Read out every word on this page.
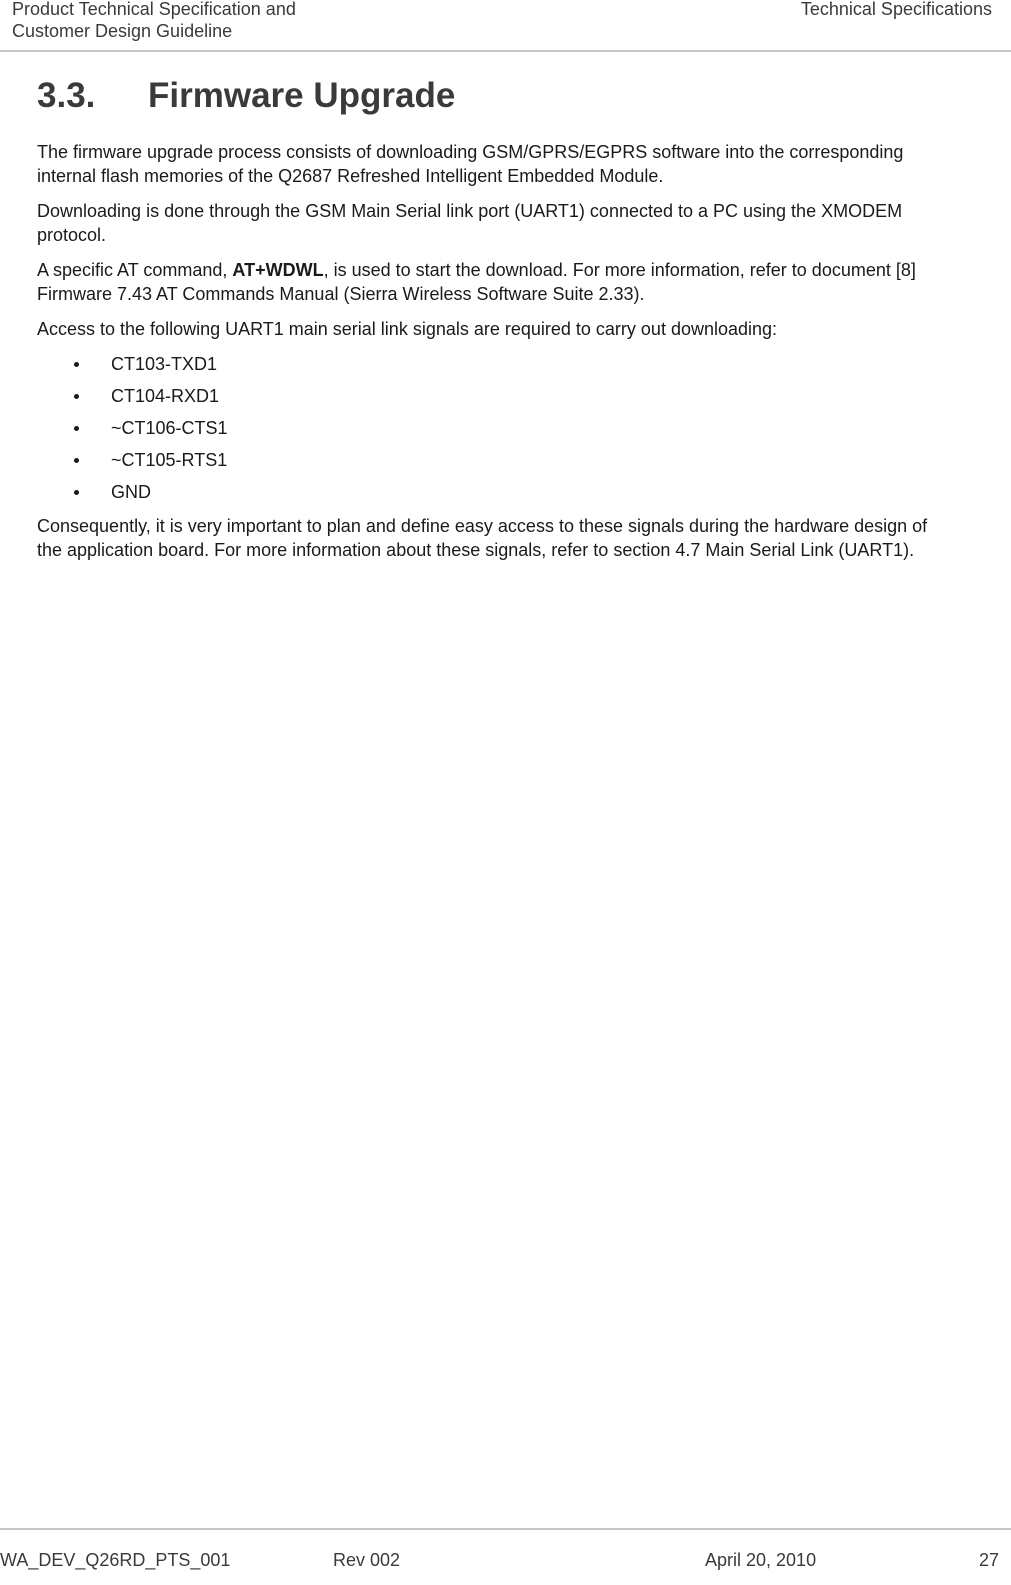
Product Technical Specification and
Customer Design Guideline
Technical Specifications
3.3. Firmware Upgrade

The firmware upgrade process consists of downloading GSM/GPRS/EGPRS software into the corresponding internal flash memories of the Q2687 Refreshed Intelligent Embedded Module.

Downloading is done through the GSM Main Serial link port (UART1) connected to a PC using the XMODEM protocol.

A specific AT command, AT+WDWL, is used to start the download. For more information, refer to document [8] Firmware 7.43 AT Commands Manual (Sierra Wireless Software Suite 2.33).

Access to the following UART1 main serial link signals are required to carry out downloading:

CT103-TXD1
CT104-RXD1
~CT106-CTS1
~CT105-RTS1
GND

Consequently, it is very important to plan and define easy access to these signals during the hardware design of the application board. For more information about these signals, refer to section 4.7 Main Serial Link (UART1).

WA_DEV_Q26RD_PTS_001	Rev 002	April 20, 2010	27
